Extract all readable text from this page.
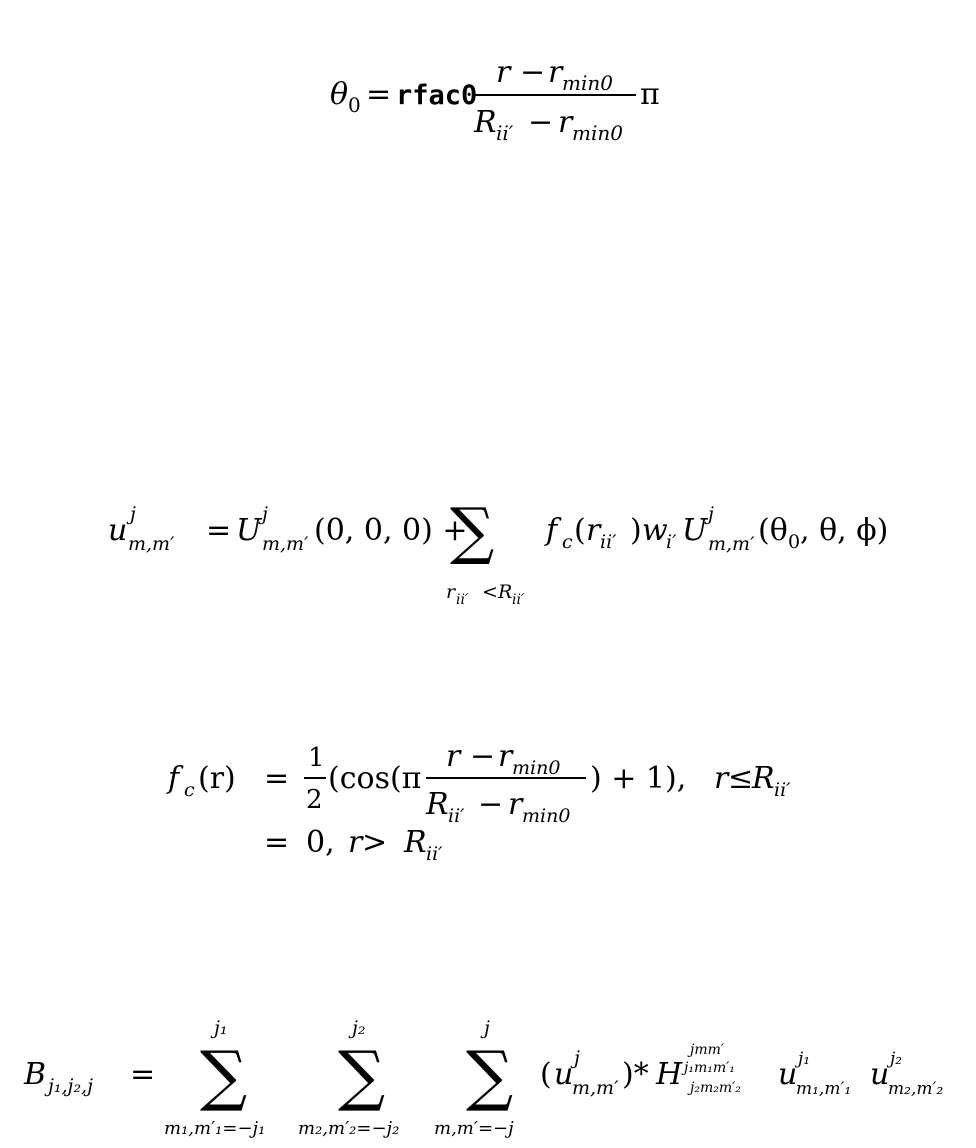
θ 0 = rfac0
r − r min0
R ii′ − r min0
π
u j
m,m′ = U j
m,m′ (0, 0, 0) +
∑
r ii′ < R ii′
f c ( r ii′ ) w
i′ U j
m,m′ (θ 0 , θ, ϕ)
f c (r) =
1
2
(cos(π
r − r min0
R ii′ − r min0
) + 1), r ≤
R ii′
= 0, r > R ii′
B j₁,j₂,j =
j₁
∑
m₁,m′₁=−j₁
j₂
∑
m₂,m′₂=−j₂
j
∑
m,m′=−j
( u j
m,m′ )* H
jmm′
j₁m₁m′₁
j₂m₂m′₂ u j₁
m₁,m′₁ u j₂
m₂,m′₂
